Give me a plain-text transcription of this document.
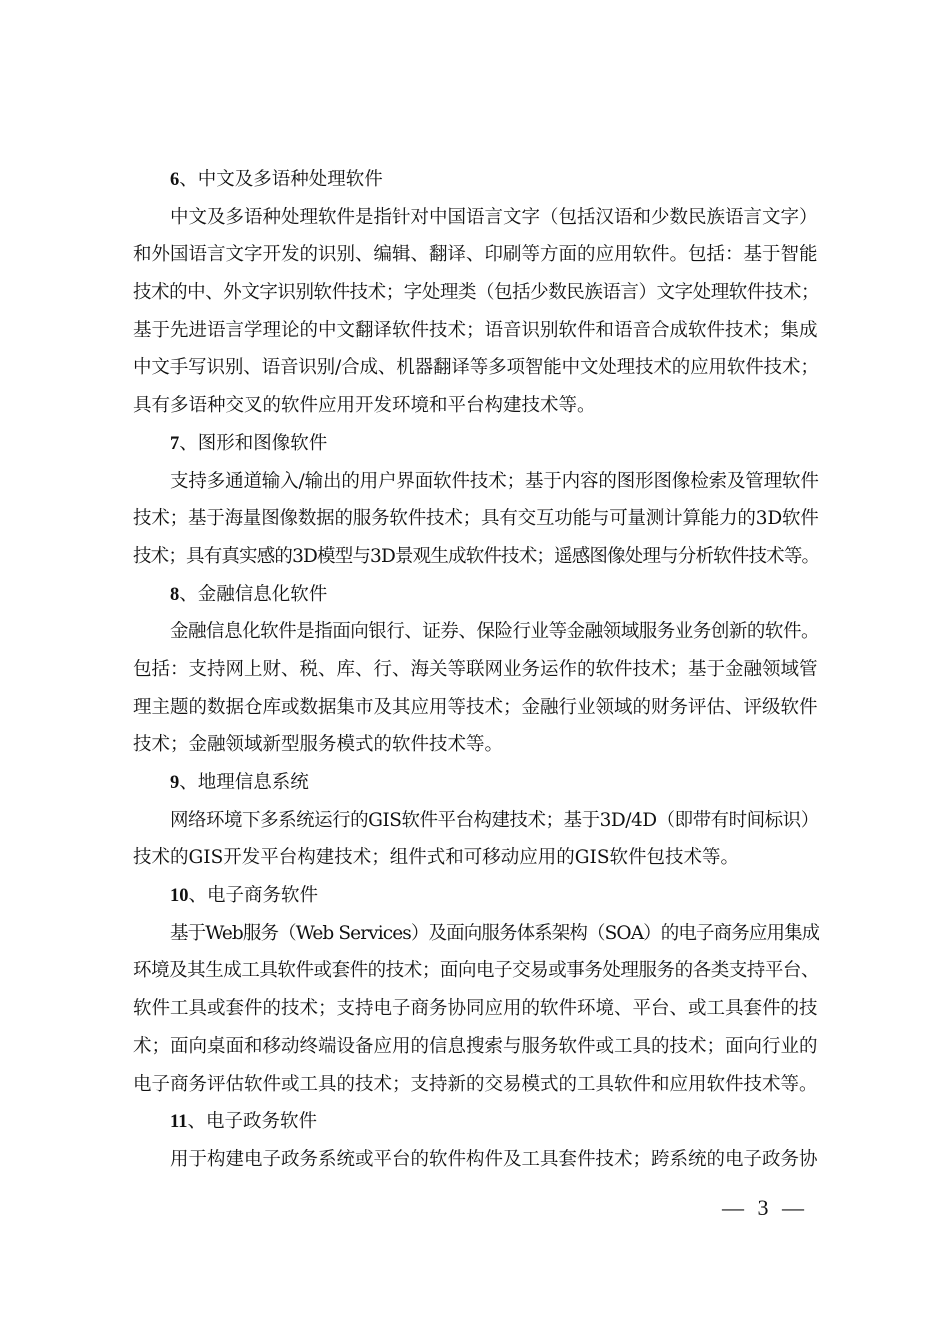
6、中文及多语种处理软件
中文及多语种处理软件是指针对中国语言文字（包括汉语和少数民族语言文字）
和外国语言文字开发的识别、编辑、翻译、印刷等方面的应用软件。包括：基于智能
技术的中、外文字识别软件技术；字处理类（包括少数民族语言）文字处理软件技术；
基于先进语言学理论的中文翻译软件技术；语音识别软件和语音合成软件技术；集成
中文手写识别、语音识别/合成、机器翻译等多项智能中文处理技术的应用软件技术；
具有多语种交叉的软件应用开发环境和平台构建技术等。
7、图形和图像软件
支持多通道输入/输出的用户界面软件技术；基于内容的图形图像检索及管理软件
技术；基于海量图像数据的服务软件技术；具有交互功能与可量测计算能力的3D软件
技术；具有真实感的3D模型与3D景观生成软件技术；遥感图像处理与分析软件技术等。
8、金融信息化软件
金融信息化软件是指面向银行、证券、保险行业等金融领域服务业务创新的软件。
包括：支持网上财、税、库、行、海关等联网业务运作的软件技术；基于金融领域管
理主题的数据仓库或数据集市及其应用等技术；金融行业领域的财务评估、评级软件
技术；金融领域新型服务模式的软件技术等。
9、地理信息系统
网络环境下多系统运行的GIS软件平台构建技术；基于3D/4D（即带有时间标识）
技术的GIS开发平台构建技术；组件式和可移动应用的GIS软件包技术等。
10、电子商务软件
基于Web服务（Web Services）及面向服务体系架构（SOA）的电子商务应用集成
环境及其生成工具软件或套件的技术；面向电子交易或事务处理服务的各类支持平台、
软件工具或套件的技术；支持电子商务协同应用的软件环境、平台、或工具套件的技
术；面向桌面和移动终端设备应用的信息搜索与服务软件或工具的技术；面向行业的
电子商务评估软件或工具的技术；支持新的交易模式的工具软件和应用软件技术等。
11、电子政务软件
用于构建电子政务系统或平台的软件构件及工具套件技术；跨系统的电子政务协
— 3 —
